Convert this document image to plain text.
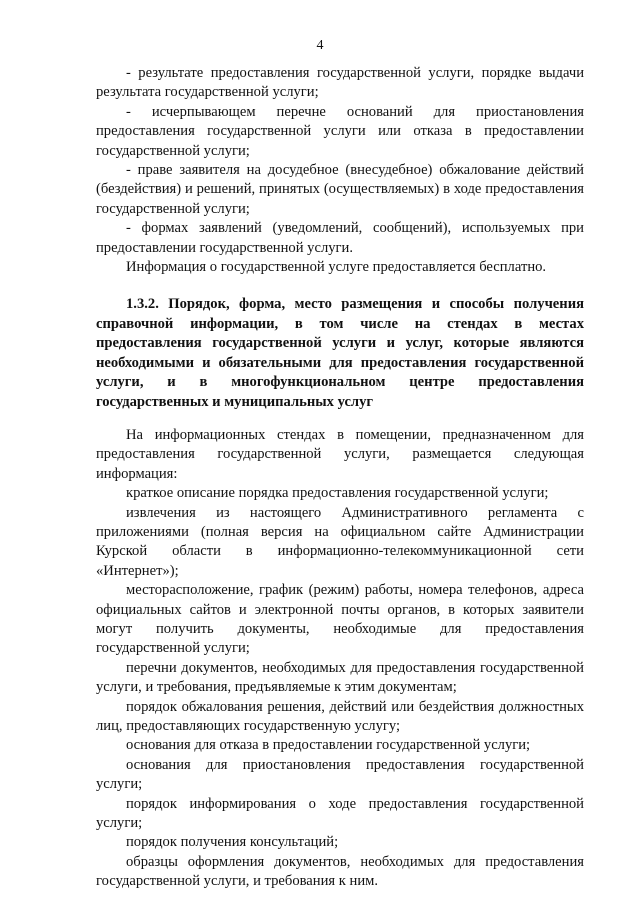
4

- результате предоставления государственной услуги, порядке выдачи результата государственной услуги;

- исчерпывающем перечне оснований для приостановления предоставления государственной услуги или отказа в предоставлении государственной услуги;

- праве заявителя на досудебное (внесудебное) обжалование действий (бездействия) и решений, принятых (осуществляемых) в ходе предоставления государственной услуги;

- формах заявлений (уведомлений, сообщений), используемых при предоставлении государственной услуги.

Информация о государственной услуге предоставляется бесплатно.

1.3.2. Порядок, форма, место размещения и способы получения справочной информации, в том числе на стендах в местах предоставления государственной услуги и услуг, которые являются необходимыми и обязательными для предоставления государственной услуги, и в многофункциональном центре предоставления государственных и муниципальных услуг

На информационных стендах в помещении, предназначенном для предоставления государственной услуги, размещается следующая информация:

краткое описание порядка предоставления государственной услуги;

извлечения из настоящего Административного регламента с приложениями (полная версия на официальном сайте Администрации Курской области в информационно-телекоммуникационной сети «Интернет»);

месторасположение, график (режим) работы, номера телефонов, адреса официальных сайтов и электронной почты органов, в которых заявители могут получить документы, необходимые для предоставления государственной услуги;

перечни документов, необходимых для предоставления государственной услуги, и требования, предъявляемые к этим документам;

порядок обжалования решения, действий или бездействия должностных лиц, предоставляющих государственную услугу;

основания для отказа в предоставлении государственной услуги;

основания для приостановления предоставления государственной услуги;

порядок информирования о ходе предоставления государственной услуги;

порядок получения консультаций;

образцы оформления документов, необходимых для предоставления государственной услуги, и требования к ним.
